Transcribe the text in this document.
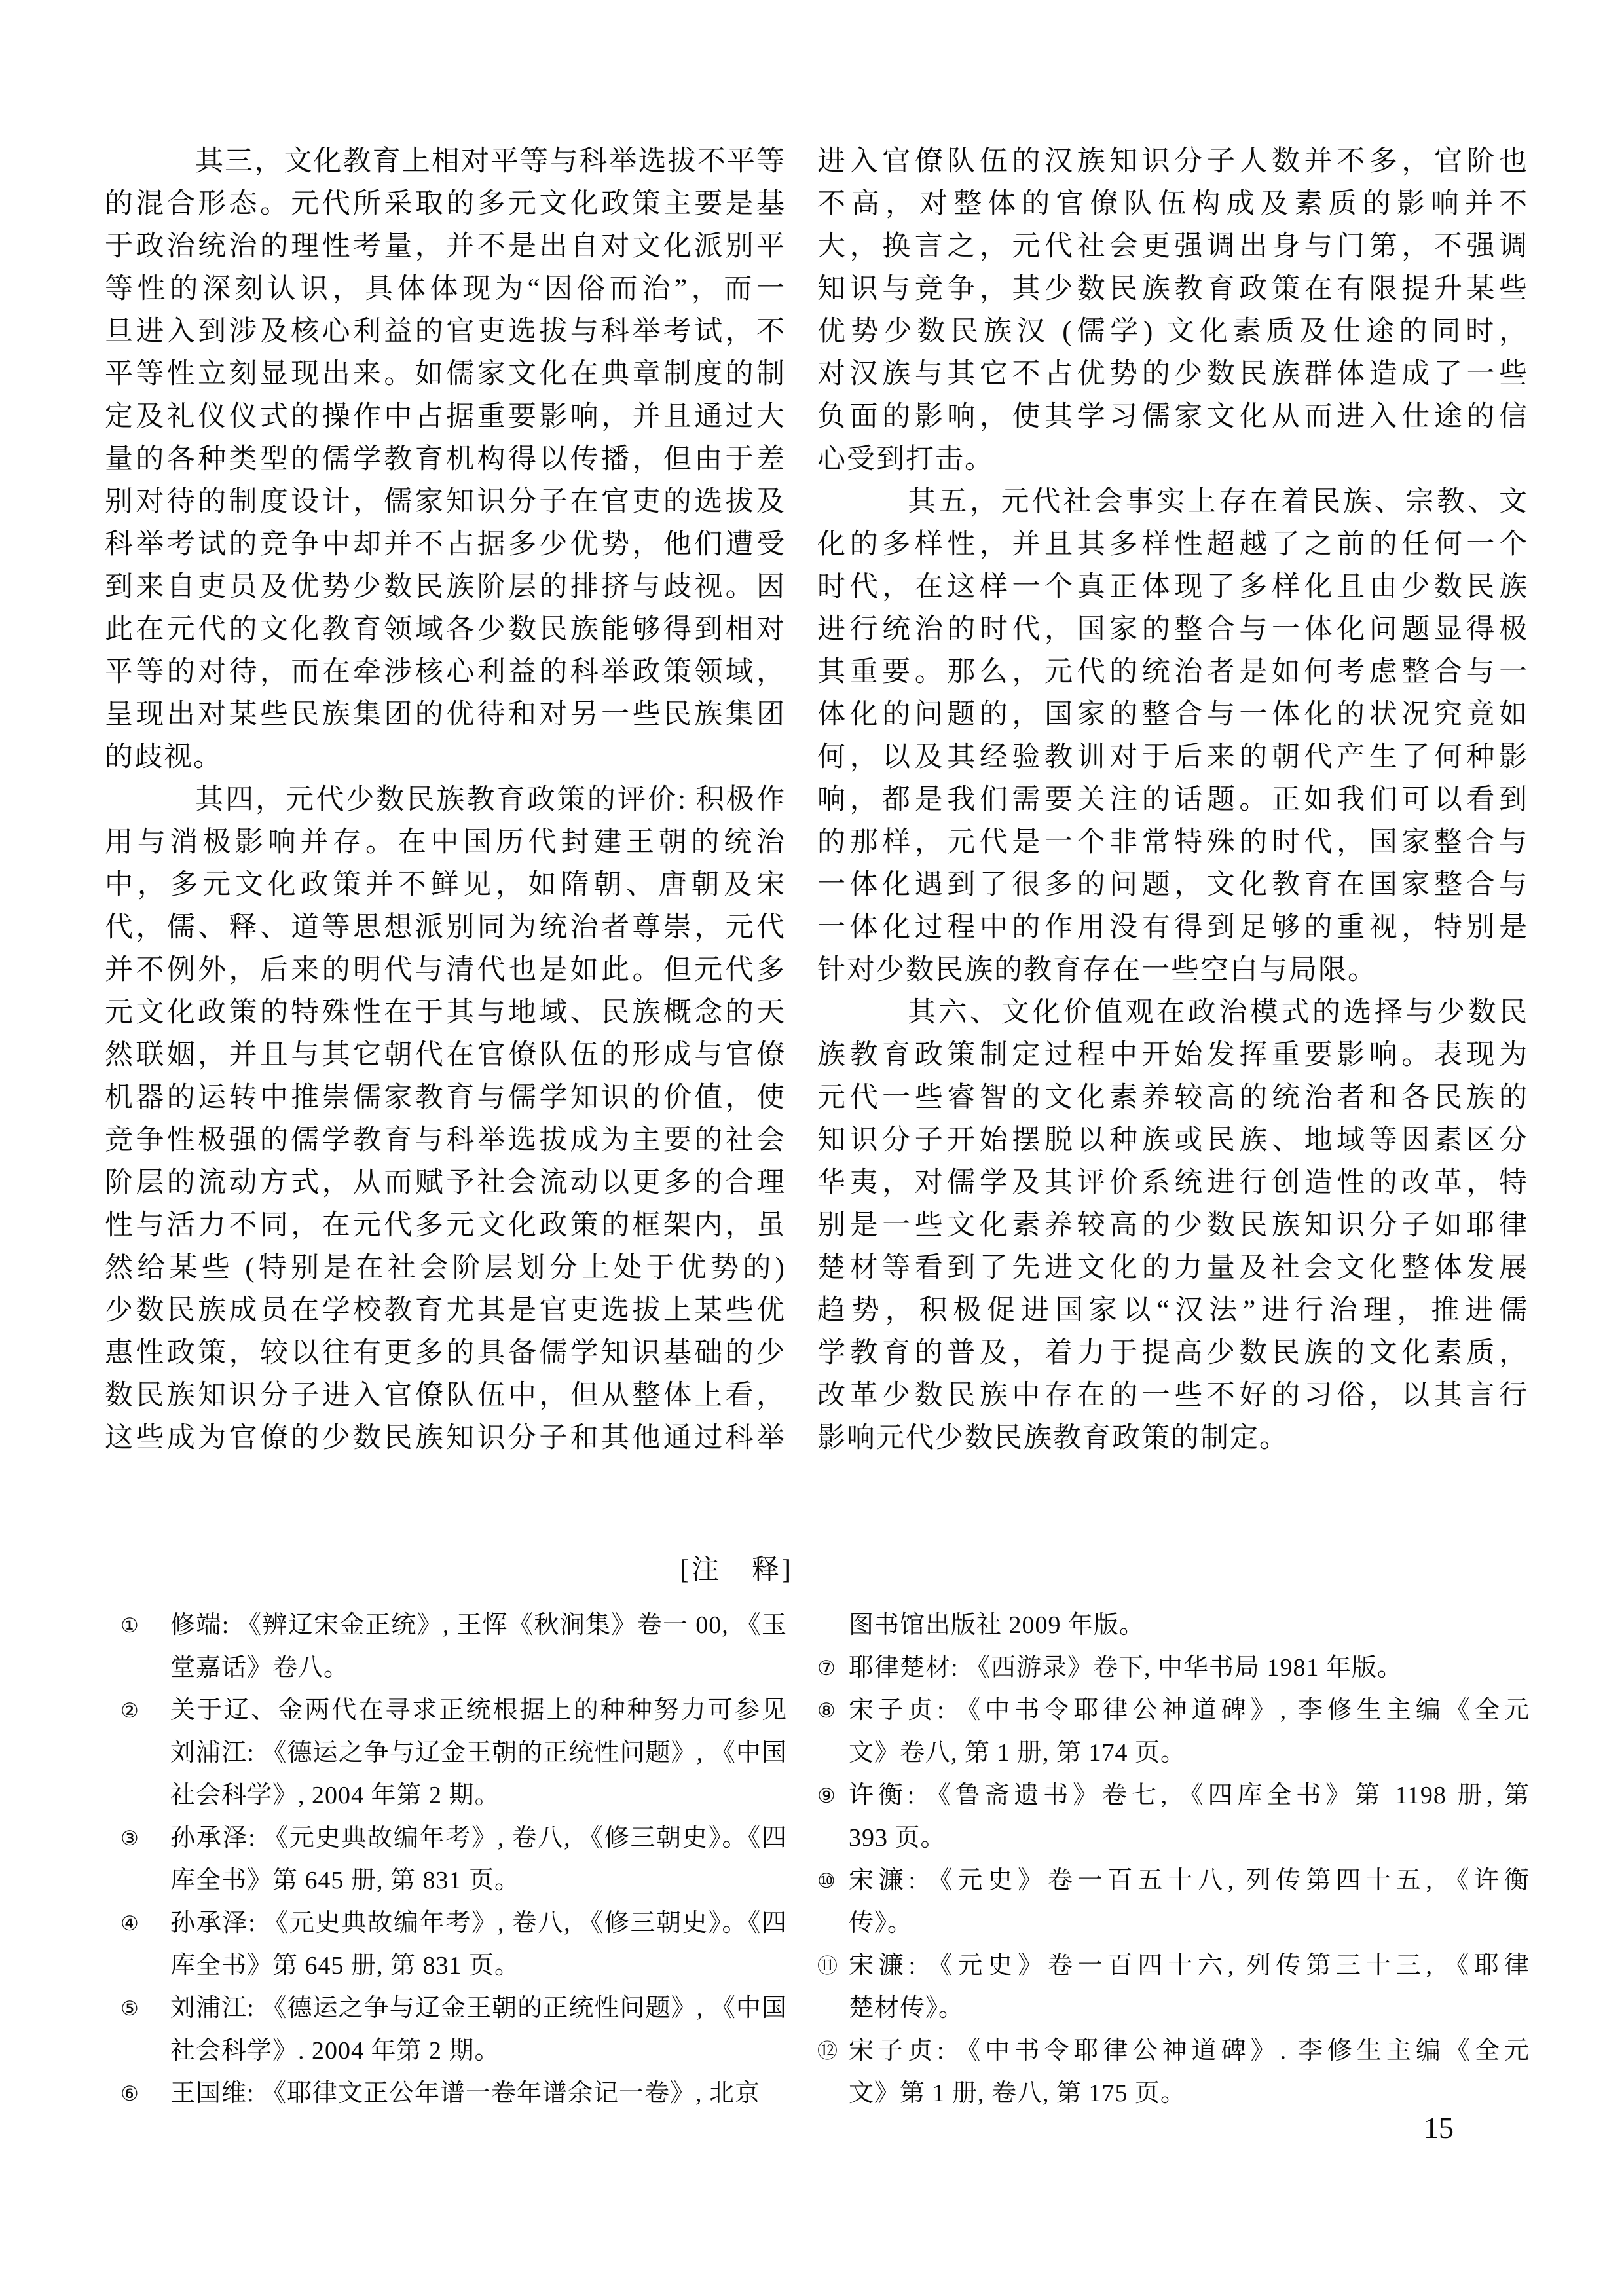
其三，文化教育上相对平等与科举选拔不平等
的混合形态。元代所采取的多元文化政策主要是基
于政治统治的理性考量，并不是出自对文化派别平
等性的深刻认识，具体体现为“因俗而治”，而一
旦进入到涉及核心利益的官吏选拔与科举考试，不
平等性立刻显现出来。如儒家文化在典章制度的制
定及礼仪仪式的操作中占据重要影响，并且通过大
量的各种类型的儒学教育机构得以传播，但由于差
别对待的制度设计，儒家知识分子在官吏的选拔及
科举考试的竞争中却并不占据多少优势，他们遭受
到来自吏员及优势少数民族阶层的排挤与歧视。因
此在元代的文化教育领域各少数民族能够得到相对
平等的对待，而在牵涉核心利益的科举政策领域，
呈现出对某些民族集团的优待和对另一些民族集团
的歧视。
其四，元代少数民族教育政策的评价: 积极作
用与消极影响并存。在中国历代封建王朝的统治
中，多元文化政策并不鲜见，如隋朝、唐朝及宋
代，儒、释、道等思想派别同为统治者尊崇，元代
并不例外，后来的明代与清代也是如此。但元代多
元文化政策的特殊性在于其与地域、民族概念的天
然联姻，并且与其它朝代在官僚队伍的形成与官僚
机器的运转中推崇儒家教育与儒学知识的价值，使
竞争性极强的儒学教育与科举选拔成为主要的社会
阶层的流动方式，从而赋予社会流动以更多的合理
性与活力不同，在元代多元文化政策的框架内，虽
然给某些 (特别是在社会阶层划分上处于优势的)
少数民族成员在学校教育尤其是官吏选拔上某些优
惠性政策，较以往有更多的具备儒学知识基础的少
数民族知识分子进入官僚队伍中，但从整体上看，
这些成为官僚的少数民族知识分子和其他通过科举
进入官僚队伍的汉族知识分子人数并不多，官阶也
不高，对整体的官僚队伍构成及素质的影响并不
大，换言之，元代社会更强调出身与门第，不强调
知识与竞争，其少数民族教育政策在有限提升某些
优势少数民族汉 (儒学) 文化素质及仕途的同时，
对汉族与其它不占优势的少数民族群体造成了一些
负面的影响，使其学习儒家文化从而进入仕途的信
心受到打击。
其五，元代社会事实上存在着民族、宗教、文
化的多样性，并且其多样性超越了之前的任何一个
时代，在这样一个真正体现了多样化且由少数民族
进行统治的时代，国家的整合与一体化问题显得极
其重要。那么，元代的统治者是如何考虑整合与一
体化的问题的，国家的整合与一体化的状况究竟如
何，以及其经验教训对于后来的朝代产生了何种影
响，都是我们需要关注的话题。正如我们可以看到
的那样，元代是一个非常特殊的时代，国家整合与
一体化遇到了很多的问题，文化教育在国家整合与
一体化过程中的作用没有得到足够的重视，特别是
针对少数民族的教育存在一些空白与局限。
其六、文化价值观在政治模式的选择与少数民
族教育政策制定过程中开始发挥重要影响。表现为
元代一些睿智的文化素养较高的统治者和各民族的
知识分子开始摆脱以种族或民族、地域等因素区分
华夷，对儒学及其评价系统进行创造性的改革，特
别是一些文化素养较高的少数民族知识分子如耶律
楚材等看到了先进文化的力量及社会文化整体发展
趋势，积极促进国家以“汉法”进行治理，推进儒
学教育的普及，着力于提高少数民族的文化素质，
改革少数民族中存在的一些不好的习俗，以其言行
影响元代少数民族教育政策的制定。
[注　释]
①	修端: 《辨辽宋金正统》, 王恽《秋涧集》卷一 00, 《玉
堂嘉话》卷八。
②	关于辽、金两代在寻求正统根据上的种种努力可参见
刘浦江: 《德运之争与辽金王朝的正统性问题》, 《中国
社会科学》, 2004 年第 2 期。
③	孙承泽: 《元史典故编年考》, 卷八, 《修三朝史》。《四
库全书》第 645 册, 第 831 页。
④	孙承泽: 《元史典故编年考》, 卷八, 《修三朝史》。《四
库全书》第 645 册, 第 831 页。
⑤	刘浦江: 《德运之争与辽金王朝的正统性问题》, 《中国
社会科学》. 2004 年第 2 期。
⑥	王国维: 《耶律文正公年谱一卷年谱余记一卷》, 北京
图书馆出版社 2009 年版。
⑦ 耶律楚材: 《西游录》卷下, 中华书局 1981 年版。
⑧ 宋子贞: 《中书令耶律公神道碑》, 李修生主编《全元
文》卷八, 第 1 册, 第 174 页。
⑨ 许衡: 《鲁斋遗书》卷七, 《四库全书》第 1198 册, 第
393 页。
⑩ 宋濂: 《元史》卷一百五十八, 列传第四十五, 《许衡
传》。
⑪ 宋濂: 《元史》卷一百四十六, 列传第三十三, 《耶律
楚材传》。
⑫ 宋子贞: 《中书令耶律公神道碑》. 李修生主编《全元
文》第 1 册, 卷八, 第 175 页。
15
